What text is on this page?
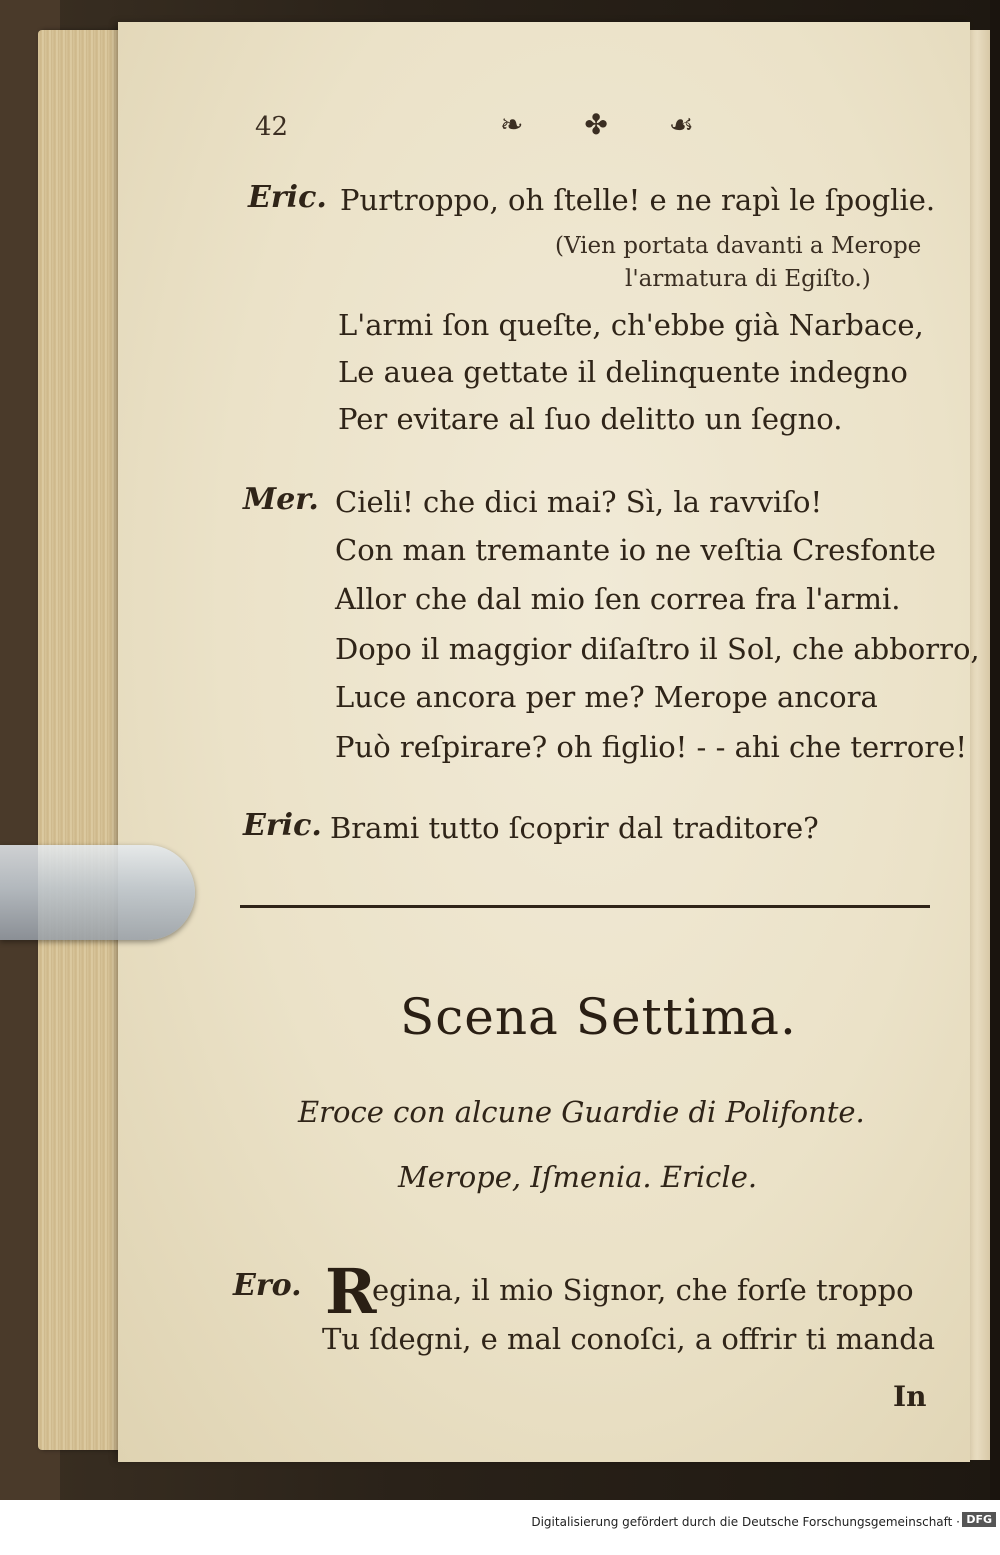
42	❧ ✤ ☙
Eric. Purtroppo, oh ſtelle! e ne rapì le ſpoglie.
(Vien portata davanti a Merope
l'armatura di Egiſto.)
L'armi ſon queſte, ch'ebbe già Narbace,
Le auea gettate il delinquente indegno
Per evitare al ſuo delitto un ſegno.
Mer. Cieli! che dici mai? Sì, la ravviſo!
Con man tremante io ne veſtia Cresfonte
Allor che dal mio ſen correa fra l'armi.
Dopo il maggior diſaſtro il Sol, che abborro,
Luce ancora per me? Merope ancora
Può reſpirare? oh figlio! - - ahi che terrore!
Eric. Brami tutto ſcoprir dal traditore?
Scena Settima.
Eroce con alcune Guardie di Polifonte.
Merope, Iſmenia. Ericle.
Ero. R
egina, il mio Signor, che forſe troppo
Tu ſdegni, e mal conoſci, a offrir ti manda
In
Digitalisierung gefördert durch die Deutsche Forschungsgemeinschaft · DFG
